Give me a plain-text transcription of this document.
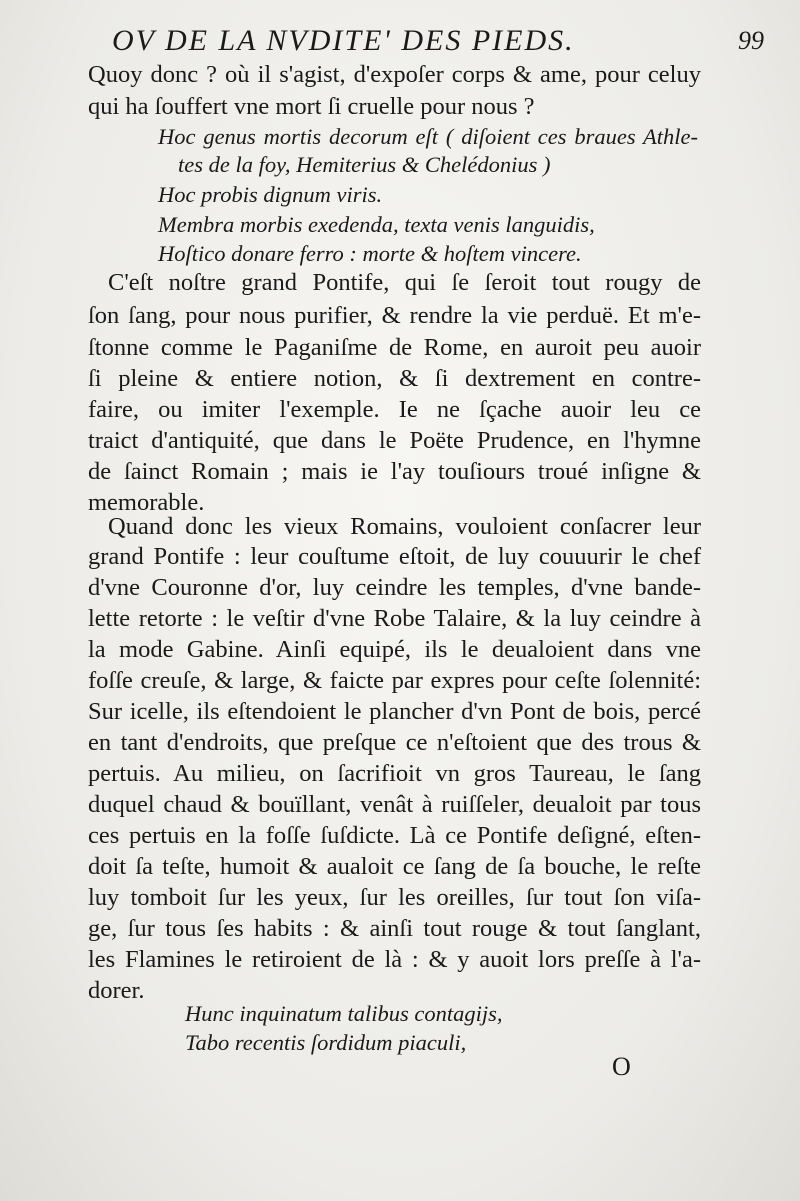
OV DE LA NVDITE' DES PIEDS.	99
Quoy donc ? où il s'agist, d'expoſer corps & ame, pour celuy
qui ha ſouffert vne mort ſi cruelle pour nous ?
Hoc genus mortis decorum eſt ( diſoient ces braues Athle-
tes de la foy, Hemiterius & Chelédonius )
Hoc probis dignum viris.
Membra morbis exedenda, texta venis languidis,
Hoſtico donare ferro : morte & hoſtem vincere.
C'eſt noſtre grand Pontife, qui ſe ſeroit tout rougy de
ſon ſang, pour nous purifier, & rendre la vie perduë. Et m'e-
ſtonne comme le Paganiſme de Rome, en auroit peu auoir
ſi pleine & entiere notion, & ſi dextrement en contre-
faire, ou imiter l'exemple. Ie ne ſçache auoir leu ce
traict d'antiquité, que dans le Poëte Prudence, en l'hymne
de ſainct Romain ; mais ie l'ay touſiours troué inſigne &
memorable.
Quand donc les vieux Romains, vouloient conſacrer leur
grand Pontife : leur couſtume eſtoit, de luy couuurir le chef
d'vne Couronne d'or, luy ceindre les temples, d'vne bande-
lette retorte : le veſtir d'vne Robe Talaire, & la luy ceindre à
la mode Gabine. Ainſi equipé, ils le deualoient dans vne
foſſe creuſe, & large, & faicte par expres pour ceſte ſolennité:
Sur icelle, ils eſtendoient le plancher d'vn Pont de bois, percé
en tant d'endroits, que preſque ce n'eſtoient que des trous &
pertuis. Au milieu, on ſacrifioit vn gros Taureau, le ſang
duquel chaud & bouïllant, venât à ruiſſeler, deualoit par tous
ces pertuis en la foſſe ſuſdicte. Là ce Pontife deſigné, eſten-
doit ſa teſte, humoit & aualoit ce ſang de ſa bouche, le reſte
luy tomboit ſur les yeux, ſur les oreilles, ſur tout ſon viſa-
ge, ſur tous ſes habits : & ainſi tout rouge & tout ſanglant,
les Flamines le retiroient de là : & y auoit lors preſſe à l'a-
dorer.
Hunc inquinatum talibus contagijs,
Tabo recentis ſordidum piaculi,
O
